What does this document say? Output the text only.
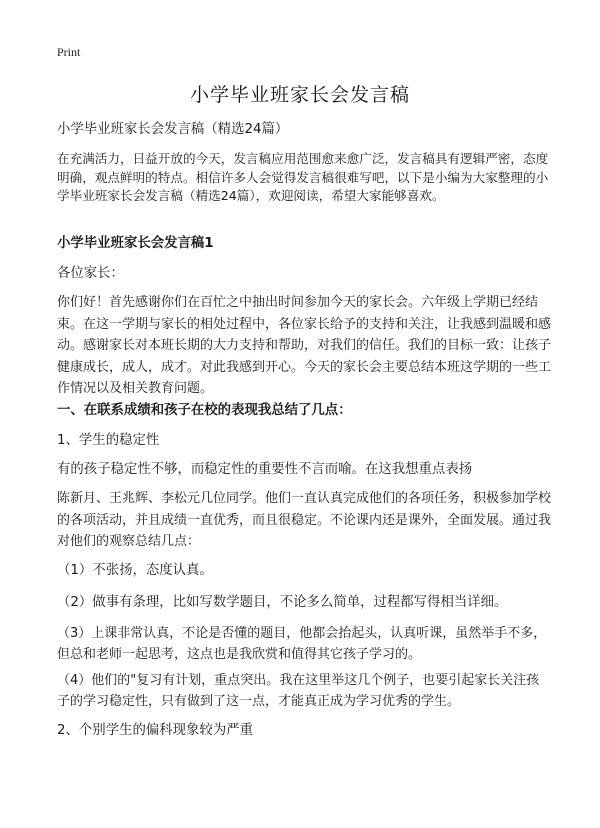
Print
小学毕业班家长会发言稿
小学毕业班家长会发言稿（精选24篇）
在充满活力，日益开放的今天，发言稿应用范围愈来愈广泛，发言稿具有逻辑严密，态度明确，观点鲜明的特点。相信许多人会觉得发言稿很难写吧，以下是小编为大家整理的小学毕业班家长会发言稿（精选24篇），欢迎阅读，希望大家能够喜欢。
小学毕业班家长会发言稿1
各位家长：
你们好！首先感谢你们在百忙之中抽出时间参加今天的家长会。六年级上学期已经结束。在这一学期与家长的相处过程中，各位家长给予的支持和关注，让我感到温暖和感动。感谢家长对本班长期的大力支持和帮助，对我们的信任。我们的目标一致：让孩子健康成长，成人，成才。对此我感到开心。今天的家长会主要总结本班这学期的一些工作情况以及相关教育问题。
一、在联系成绩和孩子在校的表现我总结了几点：
1、学生的稳定性
有的孩子稳定性不够，而稳定性的重要性不言而喻。在这我想重点表扬
陈新月、王兆辉、李松元几位同学。他们一直认真完成他们的各项任务，积极参加学校的各项活动，并且成绩一直优秀，而且很稳定。不论课内还是课外，全面发展。通过我对他们的观察总结几点：
（1）不张扬，态度认真。
（2）做事有条理，比如写数学题目，不论多么简单，过程都写得相当详细。
（3）上课非常认真，不论是否懂的题目，他都会抬起头，认真听课，虽然举手不多，但总和老师一起思考，这点也是我欣赏和值得其它孩子学习的。
（4）他们的"复习有计划，重点突出。我在这里举这几个例子，也要引起家长关注孩子的学习稳定性，只有做到了这一点，才能真正成为学习优秀的学生。
2、个别学生的偏科现象较为严重
